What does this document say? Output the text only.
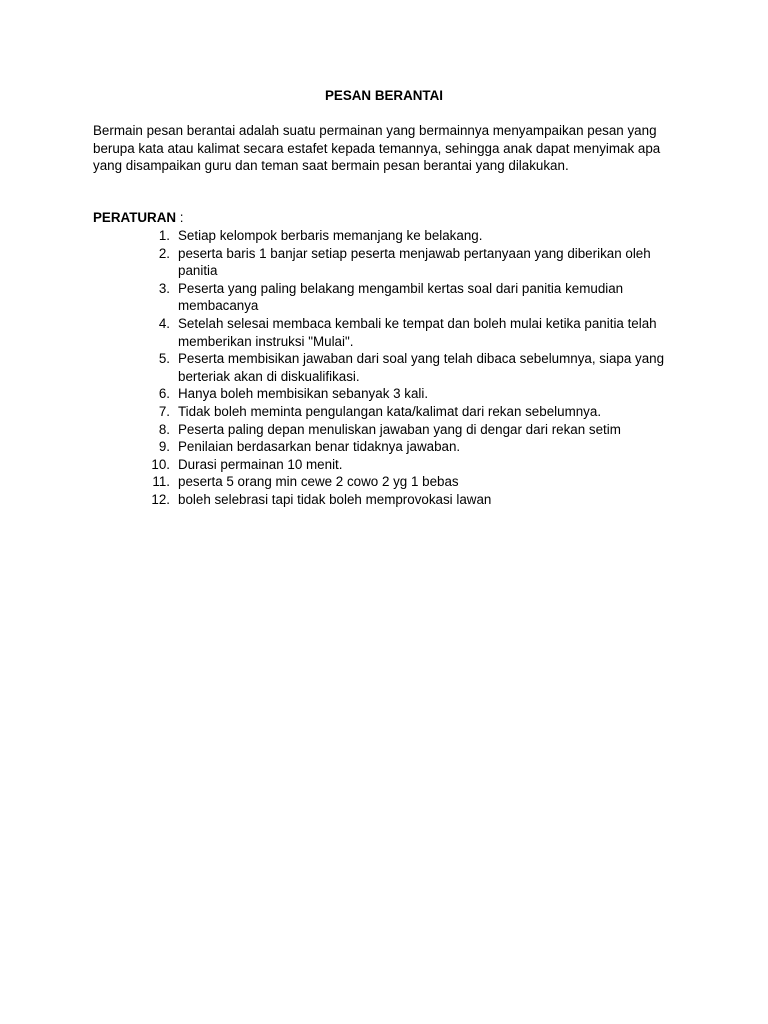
PESAN BERANTAI

Bermain pesan berantai adalah suatu permainan yang bermainnya menyampaikan pesan yang berupa kata atau kalimat secara estafet kepada temannya, sehingga anak dapat menyimak apa yang disampaikan guru dan teman saat bermain pesan berantai yang dilakukan.

PERATURAN :
1. Setiap kelompok berbaris memanjang ke belakang.
2. peserta baris 1 banjar setiap peserta menjawab pertanyaan yang diberikan oleh panitia
3. Peserta yang paling belakang mengambil kertas soal dari panitia kemudian membacanya
4. Setelah selesai membaca kembali ke tempat dan boleh mulai ketika panitia telah memberikan instruksi "Mulai".
5. Peserta membisikan jawaban dari soal yang telah dibaca sebelumnya, siapa yang berteriak akan di diskualifikasi.
6. Hanya boleh membisikan sebanyak 3 kali.
7. Tidak boleh meminta pengulangan kata/kalimat dari rekan sebelumnya.
8. Peserta paling depan menuliskan jawaban yang di dengar dari rekan setim
9. Penilaian berdasarkan benar tidaknya jawaban.
10. Durasi permainan 10 menit.
11. peserta 5 orang min cewe 2 cowo 2 yg 1 bebas
12. boleh selebrasi tapi tidak boleh memprovokasi lawan
